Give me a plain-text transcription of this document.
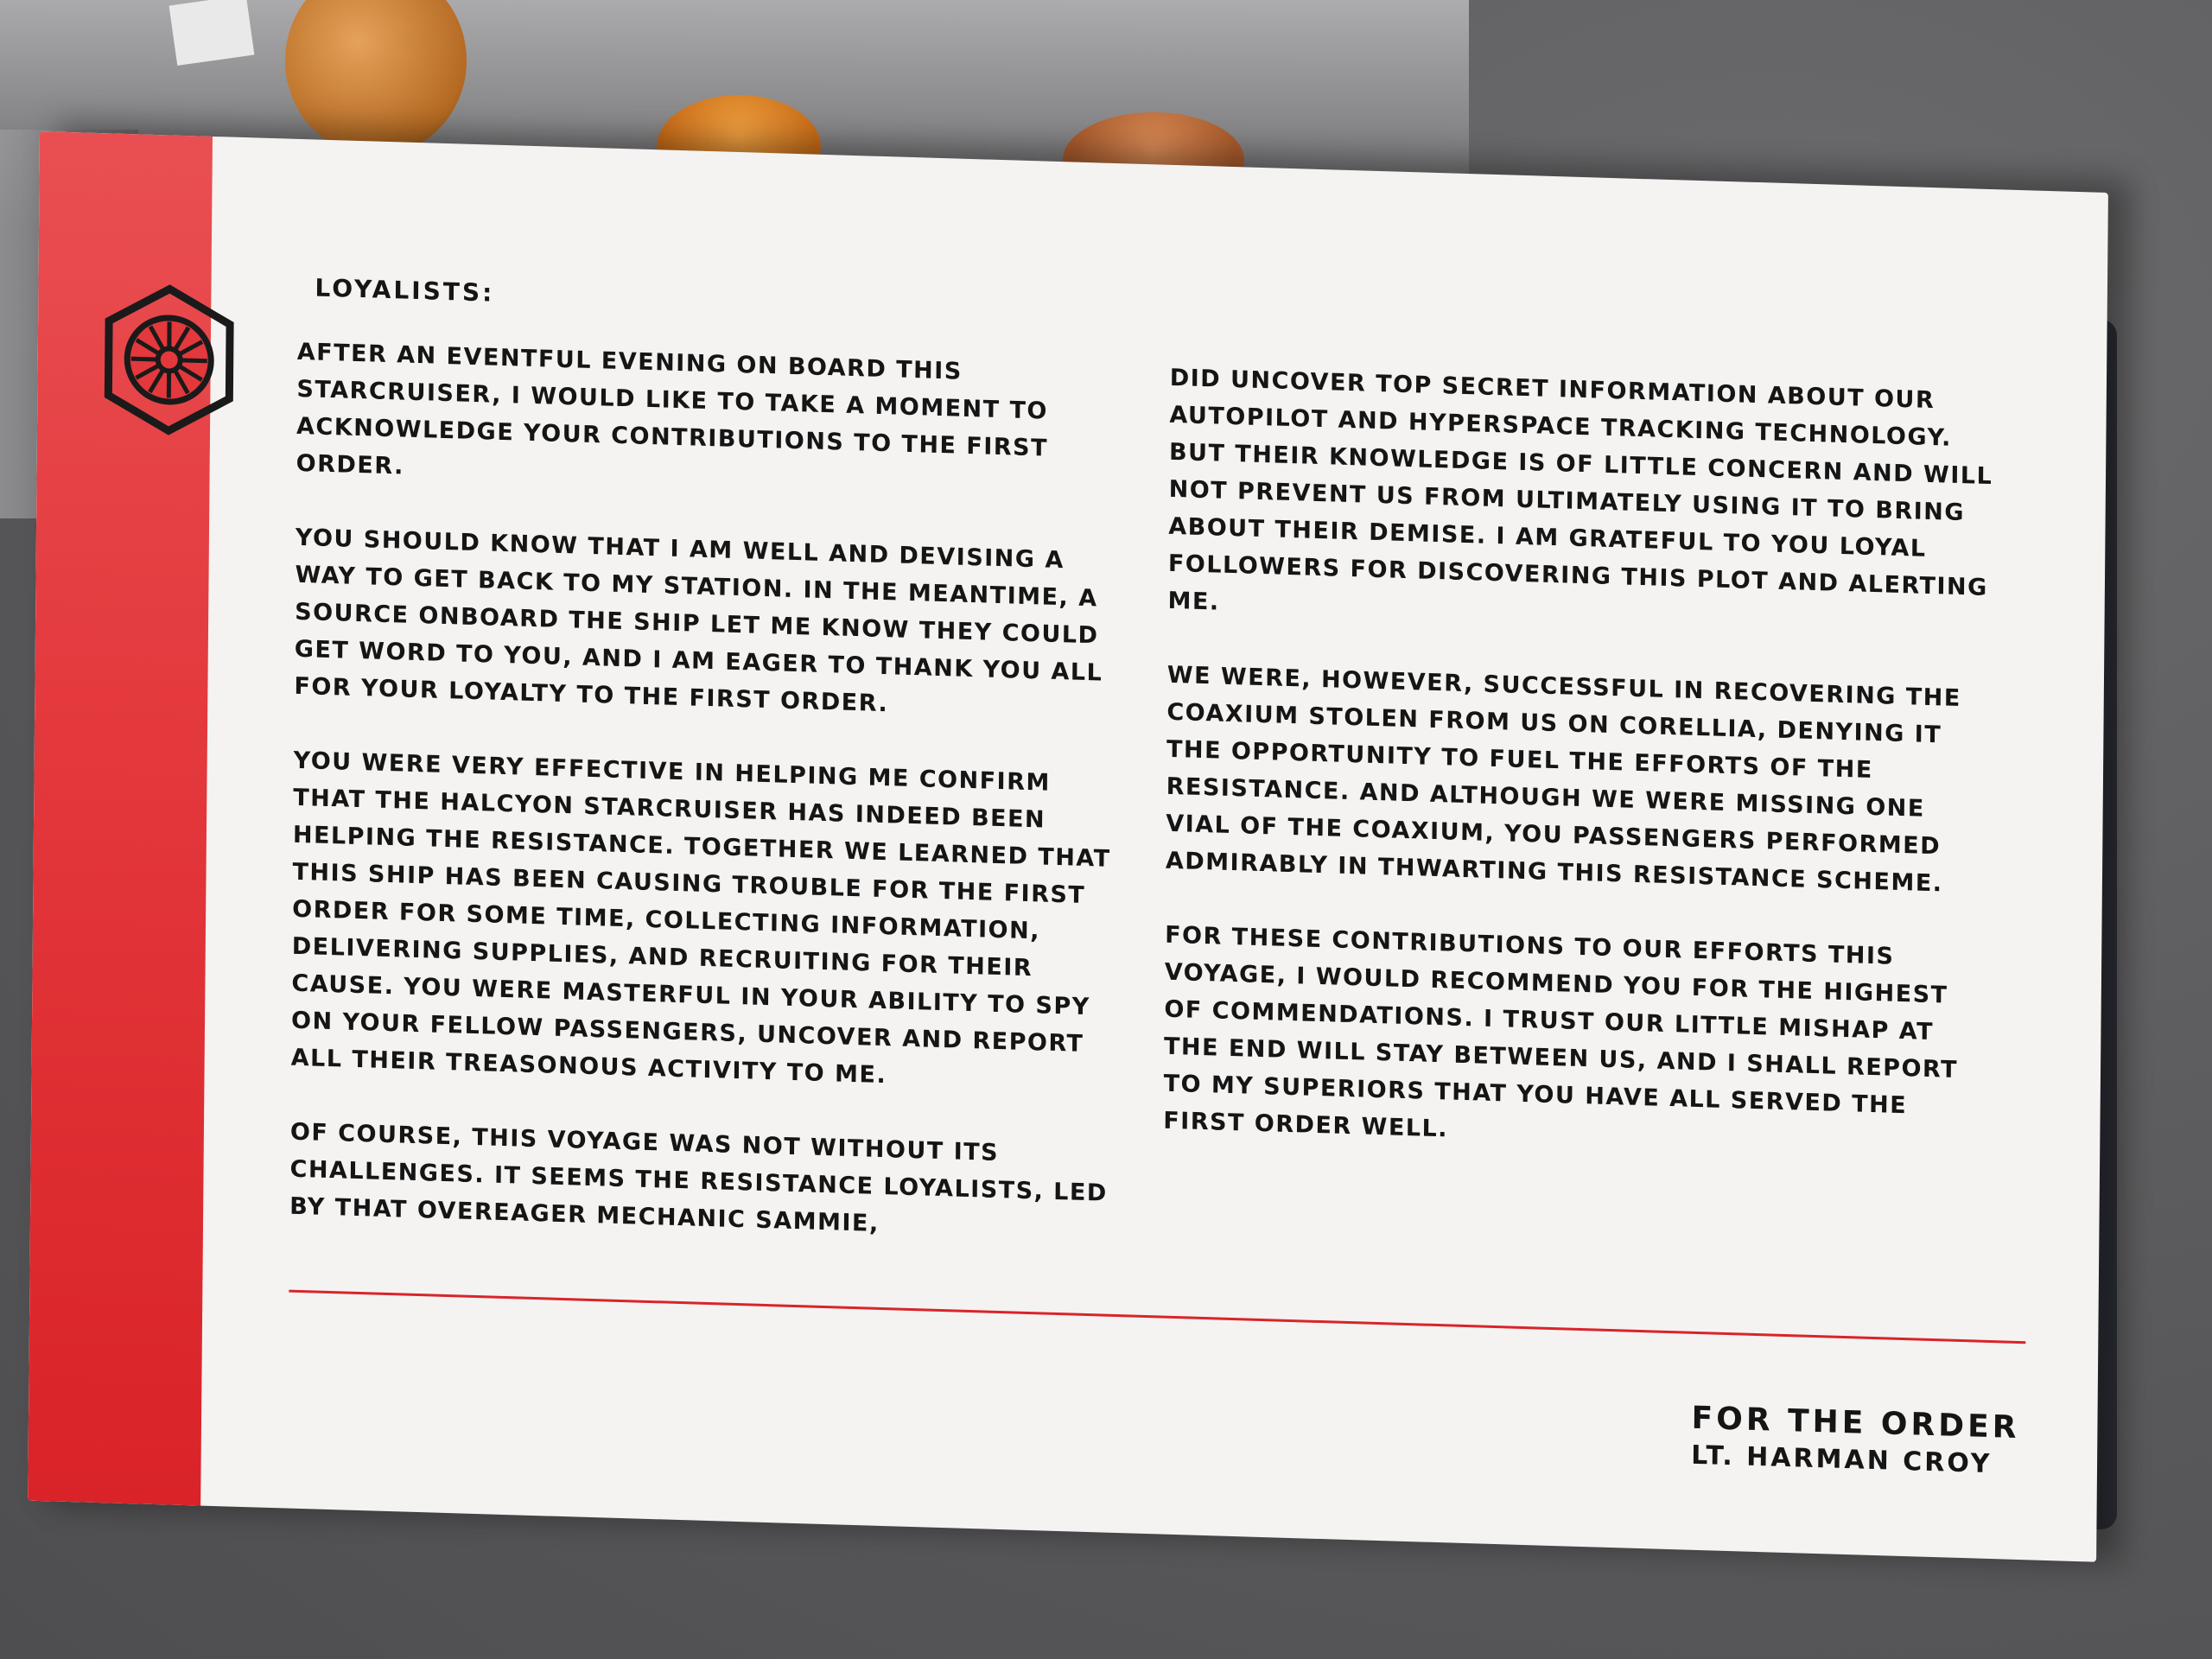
LOYALISTS:

AFTER AN EVENTFUL EVENING ON BOARD THIS STARCRUISER, I WOULD LIKE TO TAKE A MOMENT TO ACKNOWLEDGE YOUR CONTRIBUTIONS TO THE FIRST ORDER.

YOU SHOULD KNOW THAT I AM WELL AND DEVISING A WAY TO GET BACK TO MY STATION. IN THE MEANTIME, A SOURCE ONBOARD THE SHIP LET ME KNOW THEY COULD GET WORD TO YOU, AND I AM EAGER TO THANK YOU ALL FOR YOUR LOYALTY TO THE FIRST ORDER.

YOU WERE VERY EFFECTIVE IN HELPING ME CONFIRM THAT THE HALCYON STARCRUISER HAS INDEED BEEN HELPING THE RESISTANCE. TOGETHER WE LEARNED THAT THIS SHIP HAS BEEN CAUSING TROUBLE FOR THE FIRST ORDER FOR SOME TIME, COLLECTING INFORMATION, DELIVERING SUPPLIES, AND RECRUITING FOR THEIR CAUSE. YOU WERE MASTERFUL IN YOUR ABILITY TO SPY ON YOUR FELLOW PASSENGERS, UNCOVER AND REPORT ALL THEIR TREASONOUS ACTIVITY TO ME.

OF COURSE, THIS VOYAGE WAS NOT WITHOUT ITS CHALLENGES. IT SEEMS THE RESISTANCE LOYALISTS, LED BY THAT OVEREAGER MECHANIC SAMMIE,

DID UNCOVER TOP SECRET INFORMATION ABOUT OUR AUTOPILOT AND HYPERSPACE TRACKING TECHNOLOGY. BUT THEIR KNOWLEDGE IS OF LITTLE CONCERN AND WILL NOT PREVENT US FROM ULTIMATELY USING IT TO BRING ABOUT THEIR DEMISE. I AM GRATEFUL TO YOU LOYAL FOLLOWERS FOR DISCOVERING THIS PLOT AND ALERTING ME.

WE WERE, HOWEVER, SUCCESSFUL IN RECOVERING THE COAXIUM STOLEN FROM US ON CORELLIA, DENYING IT THE OPPORTUNITY TO FUEL THE EFFORTS OF THE RESISTANCE. AND ALTHOUGH WE WERE MISSING ONE VIAL OF THE COAXIUM, YOU PASSENGERS PERFORMED ADMIRABLY IN THWARTING THIS RESISTANCE SCHEME.

FOR THESE CONTRIBUTIONS TO OUR EFFORTS THIS VOYAGE, I WOULD RECOMMEND YOU FOR THE HIGHEST OF COMMENDATIONS. I TRUST OUR LITTLE MISHAP AT THE END WILL STAY BETWEEN US, AND I SHALL REPORT TO MY SUPERIORS THAT YOU HAVE ALL SERVED THE FIRST ORDER WELL.

FOR THE ORDER
LT. HARMAN CROY
